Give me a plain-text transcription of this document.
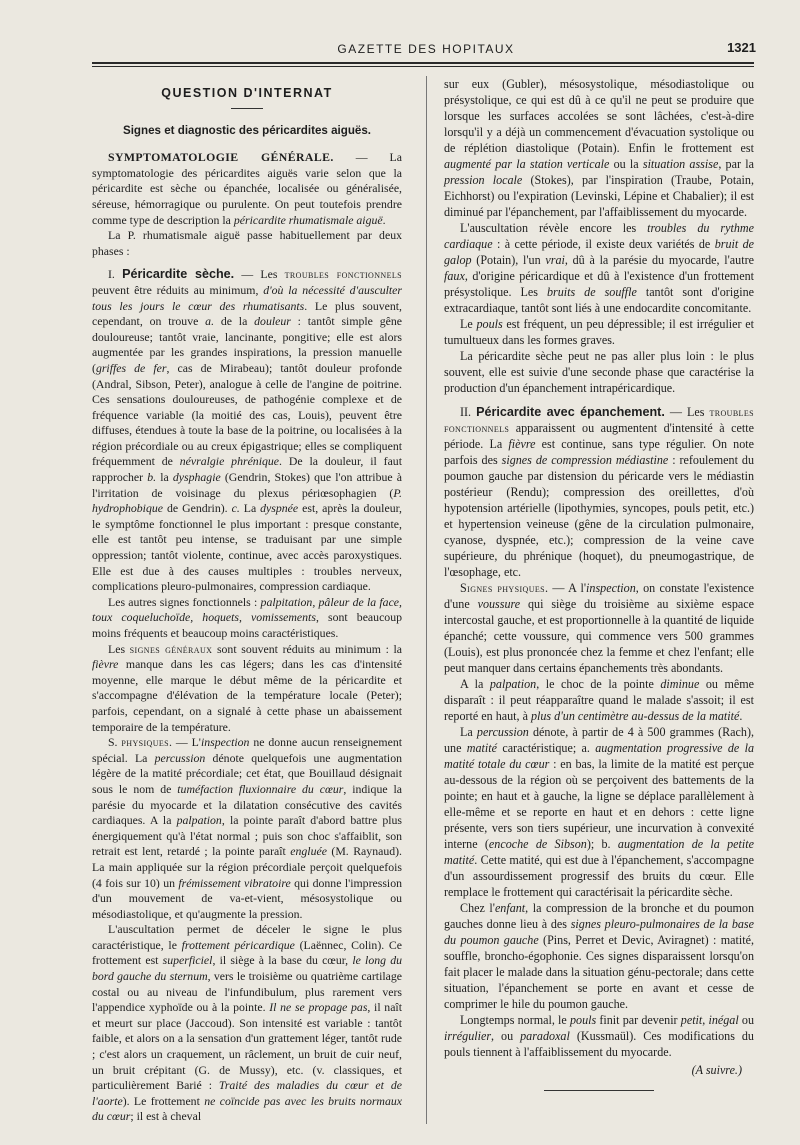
GAZETTE DES HOPITAUX	1321
QUESTION D'INTERNAT
Signes et diagnostic des péricardites aiguës.

SYMPTOMATOLOGIE GÉNÉRALE. — La symptomatologie des péricardites aiguës varie selon que la péricardite est sèche ou épanchée, localisée ou généralisée, séreuse, hémorragique ou purulente. On peut toutefois prendre comme type de description la péricardite rhumatismale aiguë.

La P. rhumatismale aiguë passe habituellement par deux phases :

I. Péricardite sèche. — Les troubles fonctionnels peuvent être réduits au minimum, d'où la nécessité d'ausculter tous les jours le cœur des rhumatisants. Le plus souvent, cependant, on trouve a. de la douleur : tantôt simple gêne douloureuse; tantôt vraie, lancinante, pongitive; elle est alors augmentée par les grandes inspirations, la pression manuelle (griffes de fer, cas de Mirabeau); tantôt douleur profonde (Andral, Sibson, Peter), analogue à celle de l'angine de poitrine. Ces sensations douloureuses, de pathogénie complexe et de fréquence variable (la moitié des cas, Louis), peuvent être diffuses, étendues à toute la base de la poitrine, ou localisées à la région précordiale ou au creux épigastrique; elles se compliquent fréquemment de névralgie phrénique. De la douleur, il faut rapprocher b. la dysphagie (Gendrin, Stokes) que l'on attribue à l'irritation de voisinage du plexus périœsophagien (P. hydrophobique de Gendrin). c. La dyspnée est, après la douleur, le symptôme fonctionnel le plus important : presque constante, elle est tantôt peu intense, se traduisant par une simple oppression; tantôt violente, continue, avec accès paroxystiques. Elle est due à des causes multiples : troubles nerveux, complications pleuro-pulmonaires, compression cardiaque.

Les autres signes fonctionnels : palpitation, pâleur de la face, toux coqueluchoïde, hoquets, vomissements, sont beaucoup moins fréquents et beaucoup moins caractéristiques.

Les signes généraux sont souvent réduits au minimum : la fièvre manque dans les cas légers; dans les cas d'intensité moyenne, elle marque le début même de la péricardite et s'accompagne d'élévation de la température locale (Peter); parfois, cependant, on a signalé à cette phase un abaissement temporaire de la température.

S. physiques. — L'inspection ne donne aucun renseignement spécial. La percussion dénote quelquefois une augmentation légère de la matité précordiale; cet état, que Bouillaud désignait sous le nom de tuméfaction fluxionnaire du cœur, indique la parésie du myocarde et la dilatation consécutive des cavités cardiaques. A la palpation, la pointe paraît d'abord battre plus énergiquement qu'à l'état normal ; puis son choc s'affaiblit, son retrait est lent, retardé ; la pointe paraît engluée (M. Raynaud). La main appliquée sur la région précordiale perçoit quelquefois (4 fois sur 10) un frémissement vibratoire qui donne l'impression d'un mouvement de va-et-vient, mésosystolique ou mésodiastolique, et qu'augmente la pression.

L'auscultation permet de déceler le signe le plus caractéristique, le frottement péricardique (Laënnec, Colin). Ce frottement est superficiel, il siège à la base du cœur, le long du bord gauche du sternum, vers le troisième ou quatrième cartilage costal ou au niveau de l'infundibulum, plus rarement vers l'appendice xyphoïde ou à la pointe. Il ne se propage pas, il naît et meurt sur place (Jaccoud). Son intensité est variable : tantôt faible, et alors on a la sensation d'un grattement léger, tantôt rude ; c'est alors un craquement, un râclement, un bruit de cuir neuf, un bruit crépitant (G. de Mussy), etc. (v. classiques, et particulièrement Barié : Traité des maladies du cœur et de l'aorte). Le frottement ne coïncide pas avec les bruits normaux du cœur; il est à cheval

sur eux (Gubler), mésosystolique, mésodiastolique ou présystolique, ce qui est dû à ce qu'il ne peut se produire que lorsque les surfaces accolées se sont lâchées, c'est-à-dire lorsqu'il y a déjà un commencement d'évacuation systolique ou de réplétion diastolique (Potain). Enfin le frottement est augmenté par la station verticale ou la situation assise, par la pression locale (Stokes), par l'inspiration (Traube, Potain, Eichhorst) ou l'expiration (Levinski, Lépine et Chabalier); il est diminué par l'épanchement, par l'affaiblissement du myocarde.

L'auscultation révèle encore les troubles du rythme cardiaque : à cette période, il existe deux variétés de bruit de galop (Potain), l'un vrai, dû à la parésie du myocarde, l'autre faux, d'origine péricardique et dû à l'existence d'un frottement présystolique. Les bruits de souffle tantôt sont d'origine extracardiaque, tantôt sont liés à une endocardite concomitante.

Le pouls est fréquent, un peu dépressible; il est irrégulier et tumultueux dans les formes graves.

La péricardite sèche peut ne pas aller plus loin : le plus souvent, elle est suivie d'une seconde phase que caractérise la production d'un épanchement intrapéricardique.

II. Péricardite avec épanchement. — Les troubles fonctionnels apparaissent ou augmentent d'intensité à cette période. La fièvre est continue, sans type régulier. On note parfois des signes de compression médiastine : refoulement du poumon gauche par distension du péricarde vers le médiastin postérieur (Rendu); compression des oreillettes, d'où hypotension artérielle (lipothymies, syncopes, pouls petit, etc.) et hypertension veineuse (gêne de la circulation pulmonaire, cyanose, dyspnée, etc.); compression de la veine cave supérieure, du phrénique (hoquet), du pneumogastrique, de l'œsophage, etc.

Signes physiques. — A l'inspection, on constate l'existence d'une voussure qui siège du troisième au sixième espace intercostal gauche, et est proportionnelle à la quantité de liquide épanché; cette voussure, qui commence vers 500 grammes (Louis), est plus prononcée chez la femme et chez l'enfant; elle peut manquer dans certains épanchements très abondants.

A la palpation, le choc de la pointe diminue ou même disparaît : il peut réapparaître quand le malade s'assoit; il est reporté en haut, à plus d'un centimètre au-dessus de la matité.

La percussion dénote, à partir de 4 à 500 grammes (Rach), une matité caractéristique; a. augmentation progressive de la matité totale du cœur : en bas, la limite de la matité est perçue au-dessous de la région où se perçoivent des battements de la pointe; en haut et à gauche, la ligne se déplace parallèlement à elle-même et se reporte en haut et en dehors : cette ligne présente, vers son tiers supérieur, une incurvation à convexité interne (encoche de Sibson); b. augmentation de la petite matité. Cette matité, qui est due à l'épanchement, s'accompagne d'un assourdissement progressif des bruits du cœur. Elle remplace le frottement qui caractérisait la péricardite sèche.

Chez l'enfant, la compression de la bronche et du poumon gauches donne lieu à des signes pleuro-pulmonaires de la base du poumon gauche (Pins, Perret et Devic, Aviragnet) : matité, souffle, broncho-égophonie. Ces signes disparaissent lorsqu'on fait placer le malade dans la situation génu-pectorale; dans cette situation, l'épanchement se porte en avant et cesse de comprimer le hile du poumon gauche.

Longtemps normal, le pouls finit par devenir petit, inégal ou irrégulier, ou paradoxal (Kussmaül). Ces modifications du pouls tiennent à l'affaiblissement du myocarde.

(A suivre.)
